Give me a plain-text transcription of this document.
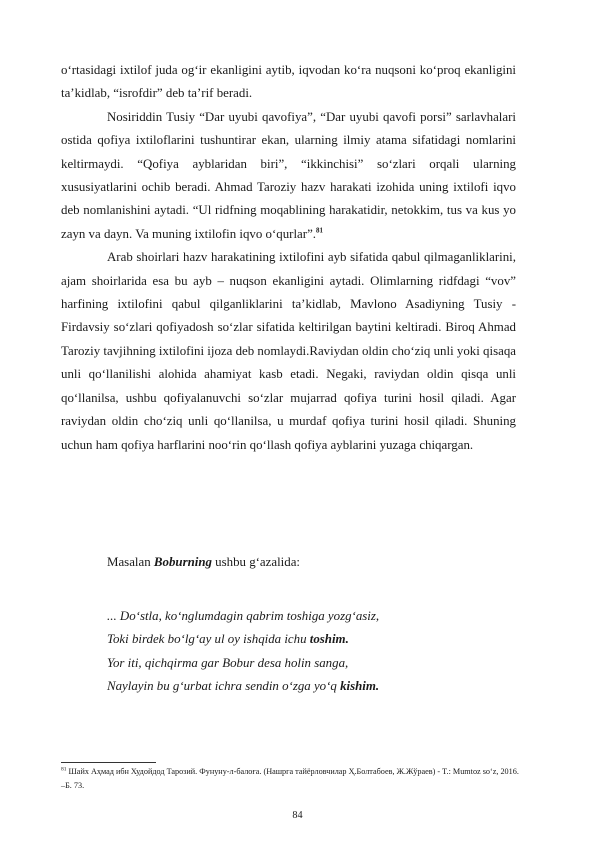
o‘rtasidagi ixtilof juda og‘ir ekanligini aytib, iqvodan ko‘ra nuqsoni ko‘proq ekanligini ta’kidlab, “isrofdir” deb ta’rif beradi.

Nosiriddin Tusiy “Dar uyubi qavofiya”, “Dar uyubi qavofi porsi” sarlavhalari ostida qofiya ixtiloflarini tushuntirar ekan, ularning ilmiy atama sifatidagi nomlarini keltirmaydi. “Qofiya ayblaridan biri”, “ikkinchisi” so‘zlari orqali ularning xususiyatlarini ochib beradi. Ahmad Taroziy hazv harakati izohida uning ixtilofi iqvo deb nomlanishini aytadi. “Ul ridfning moqablining harakatidir, netokkim, tus va kus yo zayn va dayn. Va muning ixtilofin iqvo o‘qurlar”.$^{81}$

Arab shoirlari hazv harakatining ixtilofini ayb sifatida qabul qilmaganliklarini, ajam shoirlarida esa bu ayb – nuqson ekanligini aytadi. Olimlarning ridfdagi “vov” harfining ixtilofini qabul qilganliklarini ta’kidlab, Mavlono Asadiyning Tusiy - Firdavsiy so‘zlari qofiyadosh so‘zlar sifatida keltirilgan baytini keltiradi. Biroq Ahmad Taroziy tavjihning ixtilofini ijoza deb nomlaydi.Raviydan oldin cho‘ziq unli yoki qisaqa unli qo‘llanilishi alohida ahamiyat kasb etadi. Negaki, raviydan oldin qisqa unli qo‘llanilsa, ushbu qofiyalanuvchi so‘zlar mujarrad qofiya turini hosil qiladi. Agar raviydan oldin cho‘ziq unli qo‘llanilsa, u murdaf qofiya turini hosil qiladi. Shuning uchun ham qofiya harflarini noo‘rin qo‘llash qofiya ayblarini yuzaga chiqargan.

Masalan Boburning ushbu g‘azalida:

... Do‘stla, ko‘nglumdagin qabrim toshiga yozg‘asiz,
Toki birdek bo‘lg‘ay ul oy ishqida ichu toshim.
Yor iti, qichqirma gar Bobur desa holin sanga,
Naylayin bu g‘urbat ichra sendin o‘zga yo‘q kishim.

$^{81}$ Шайх Аҳмад ибн Худойдод Тарозий. Фунуну-л-балоға. (Нашрга тайёрловчилар Ҳ.Болтабоев, Ж.Жўраев) - T.: Mumtoz so‘z, 2016. –Б. 73.

84
